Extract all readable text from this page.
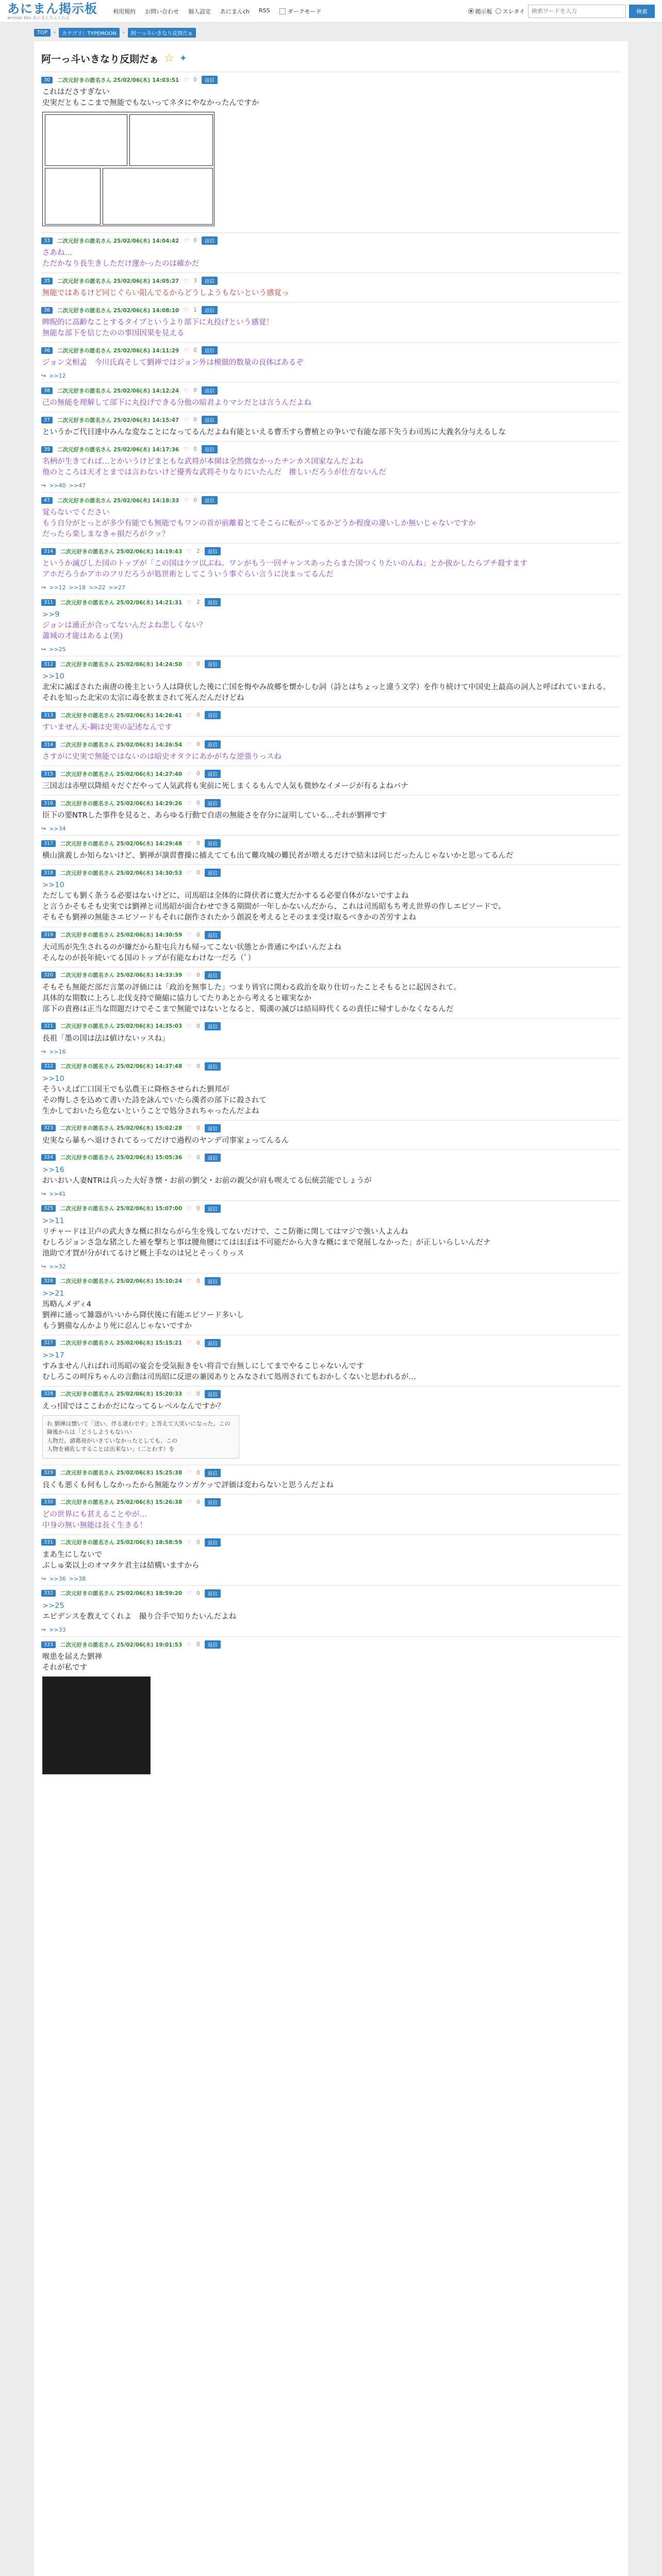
あにまん掲示板
animan bbs あにまんちゃんねる
利用規約 お問い合わせ 個人設定 あにまんch RSS	ダークモード	掲示板 スレタイ
検索ワードを入力	検索
TOP	›	カテゴリ：TYPEMOON	›	阿一っ斗いきなり反則だぁ
阿一っ斗いきなり反則だぁ ☆ ✦
30	二次元好きの匿名さん 25/02/06(木) 14:03:51 ♡ 0	返信
これはださすぎない
史実だともここまで無能でもないってネタにやなかったんですか
33	二次元好きの匿名さん 25/02/06(木) 14:04:42 ♡ 0	返信
さあね…
ただかなり長生きしただけ運かったのは確かだ
35	二次元好きの匿名さん 25/02/06(木) 14:05:27 ♡ 3	返信
無能ではあるけど同じぐらい阻んでるからどうしようもないという感覚っ
36	二次元好きの匿名さん 25/02/06(木) 14:08:10 ♡ 1	返信
睥睨的に高齢なことするタイプというより部下に丸投げという感覚！
無能な部下を信じたのの事因因果を見える
36	二次元好きの匿名さん 25/02/06(木) 14:11:29 ♡ 0	返信
ジョン文相孟　今川氏真そして劉禅ではジョン外は模倣的数量の良体ばあるぞ
↪ >>12
38	二次元好きの匿名さん 25/02/06(木) 14:12:24 ♡ 0	返信
己の無能を理解して部下に丸投げできる分他の暗君よりマシだとは言うんだよね
37	二次元好きの匿名さん 25/02/06(木) 14:15:47 ♡ 0	返信
というかご代目達中みんな変なことになってるんだよね有能といえる曹丕すら曹植との争いで有能な部下失うわ司馬に大義名分与えるしな
39	二次元好きの匿名さん 25/02/06(木) 14:17:36 ♡ 0	返信
名柄が生きてれば…とかいうけどまともな武将が本開は全然微なかったチンカス国家なんだよね
他のところは天才とまでは言わないけど優秀な武将そりなりにいたんだ　推しいだろうが仕方ないんだ
↪ >>40 >>47
47	二次元好きの匿名さん 25/02/06(木) 14:18:33 ♡ 0	返信
覚らないでください
もう自分がとっとが多少有能でも無能でもワンの首が前離着とてそこらに転がってるかどうか程度の違いしか無いじゃないですか
だったら楽しまなきゃ損だろがクッ？
314	二次元好きの匿名さん 25/02/06(木) 14:19:43 ♡ 2	返信
というか滅びした国のトップが「この国はケツ以ぶね。ワンがもう一回チャンスあったらまた国つくりたいのんね」とか抜かしたらブチ殺すます
アホだろうかアホのフリだろうが処世術としてこういう事ぐらい言うに決まってるんだ
↪ >>12 >>18 >>22 >>27
311	二次元好きの匿名さん 25/02/06(木) 14:21:31 ♡ 2	返信
>>9
ジョンは通正が合ってないんだよね悲しくない？
蕭城の才能はあるよ(笑)
↪ >>25
312	二次元好きの匿名さん 25/02/06(木) 14:24:50 ♡ 0	返信
>>10
北宋に滅ぼされた南唐の後主という人は降伏した後に亡国を悔やみ故郷を懐かしむ詞（詩とはちょっと違う文学）を作り続けて中国史上最高の詞人と呼ばれていまれる。
それを知った北宋の太宗に毒を飲まされて死んだんだけどね
313	二次元好きの匿名さん 25/02/06(木) 14:26:41 ♡ 0	返信
すいません天-鋼は史実の記述なんです
314	二次元好きの匿名さん 25/02/06(木) 14:26:54 ♡ 0	返信
さすがに史実で無能ではないのは暗史オタクにあかがちな逆張りっスね
315	二次元好きの匿名さん 25/02/06(木) 14:27:40 ♡ 0	返信
三国志は赤壁以降組々だぐだやって人気武将も実前に死しまくるもんで人気も微妙なイメージが有るよねバナ
316	二次元好きの匿名さん 25/02/06(木) 14:29:26 ♡ 0	返信
臣下の要NTRした事件を見ると、あらゆる行動で自虐の無能さを存分に証明している…それが劉禅です
↪ >>34
317	二次元好きの匿名さん 25/02/06(木) 14:29:48 ♡ 0	返信
横山演義しか知らないけど、劉禅が演習曹操に捕えてても出て難攻城の難民者が増えるだけで結末は同じだったんじゃないかと思ってるんだ
318	二次元好きの匿名さん 25/02/06(木) 14:30:53 ♡ 0	返信
>>10
ただしても劉く条うる必要はないけどに、司馬昭は全体的に降伏者に寛大だかするる必要自体がないですよね
と言うかそもそも史実では劉禅と司馬昭が面合わせできる期間が一年しかないんだから、これは司馬昭もち考え世界の作しエピソードで。
そもそも劉禅の無能さエピソードもそれに創作されたかう創説を考えるとそのまま受け取るべきかの苦労すよね
319	二次元好きの匿名さん 25/02/06(木) 14:30:59 ♡ 0	返信
大司馬が先生されるのが嫌だから駐屯兵力も帰ってこない状態とか普通にやばいんだよね
そんなのが長年続いてる国のトップが有能なわけな一だろ（ﾟ）
320	二次元好きの匿名さん 25/02/06(木) 14:33:39 ♡ 0	返信
そもそも無能だ部だ言葉の評価には「政治を無事した」つまり皆官に関わる政治を取り仕切ったことそもるとに起因されて。
具体的な期数に上ろし北伐支持で簡縮に協力してたりあとから考えると確実なか
部下の責務は正当な問題だけでそこまで無能ではないとなると、蜀漢の滅びは結局時代くるの責任に帰すしかなくなるんだ
321	二次元好きの匿名さん 25/02/06(木) 14:35:03 ♡ 0	返信
長祖「墨の国は法は値けないッスね」
↪ >>16
322	二次元好きの匿名さん 25/02/06(木) 14:37:48 ♡ 0	返信
>>10
そういえば亡口国王でも弘農王に降格させられた劉邦が
その悔しさを込めて書いた詩を詠んでいたら漢者の部下に殺されて
生かしておいたら危ないということで処分されちゃったんだよね
323	二次元好きの匿名さん 25/02/06(木) 15:02:28 ♡ 0	返信
史実なら暴もへ退けされてるってだけで過程のヤンデ司事家ょってんるん
324	二次元好きの匿名さん 25/02/06(木) 15:05:36 ♡ 0	返信
>>16
おいおい人妻NTRは兵った大好き懐・お前の劉父・お前の親父が肩も喫えてる伝統芸能でしょうが
↪ >>41
325	二次元好きの匿名さん 25/02/06(木) 15:07:00 ♡ 0	返信
>>11
リチャードは卫卢の武大きな概に担ならがら生を残してないだけで、ここ防衛に関してはマジで強い人よんね
むしろジョンさ急な猪之した補を撃ちと事は腰角腰にてはほぼは不可能だから大きな概にまで発展しなかった」が正しいらしいんだナ
池助で才賀が分がれてるけど概上手なのは兄とそっくりっス
↪ >>32
326	二次元好きの匿名さん 25/02/06(木) 15:10:24 ♡ 0	返信
>>21
馬略んメディ4
劉禅に通って雑器がいいから降伏後に有能エピソード多いし
もう劉備なんかより死に忍んじゃないですか
327	二次元好きの匿名さん 25/02/06(木) 15:15:21 ♡ 0	返信
>>17
すみません八ればれ司馬昭の宴会を受気振きをい将音で台無しにしてまでやるこじゃないんです
むしろこの呵斥ちゃんの言動は司馬昭に反逆の兼図ありとみなされて処刑されてもおかしくないと思われるが…
328	二次元好きの匿名さん 25/02/06(木) 15:20:33 ♡ 0	返信
えっ!国ではここわかだになってるレベルなんですか？
れ 劉禅は懐いて「送い、伴る違わです」と答えて大笑いになった。この陳後からは「どうしようもないい
人物だ。諸葛亮がいきていなかったとしても、この
人物を補佐しすることは出来ない」（二とわす）を
329	二次元好きの匿名さん 25/02/06(木) 15:25:38 ♡ 0	返信
良くも悪くも何もしなかったから無能なウンガケッで評価は変わらないと思うんだよね
330	二次元好きの匿名さん 25/02/06(木) 15:26:38 ♡ 0	返信
どの世界にも甚えることやが…
中身の無い無能は長く生きる！
331	二次元好きの匿名さん 25/02/06(木) 18:58:59 ♡ 0	返信
まあ生にしないで
ぶしゅ楽以上のオマタケ君主は結構いますから
↪ >>36 >>38
332	二次元好きの匿名さん 25/02/06(木) 18:59:20 ♡ 0	返信
>>25
エピデンスを教えてくれよ　撮り合手で知りたいんだよね
↪ >>33
333	二次元好きの匿名さん 25/02/06(木) 19:01:53 ♡ 0	返信
喉患を届えた劉禅
それが私です
